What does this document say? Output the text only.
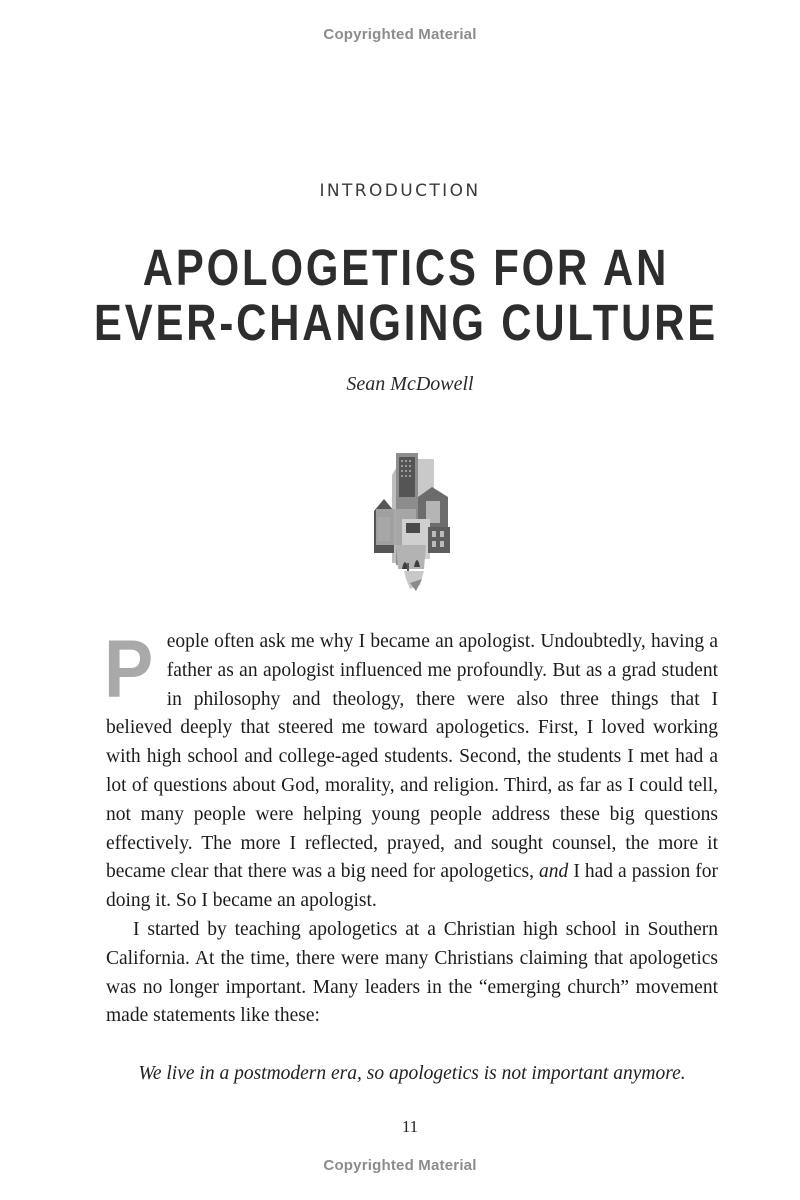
Copyrighted Material
INTRODUCTION
APOLOGETICS FOR AN
EVER-CHANGING CULTURE
Sean McDowell

People often ask me why I became an apologist. Undoubtedly, having a father as an apologist influenced me profoundly. But as a grad student in philosophy and theology, there were also three things that I believed deeply that steered me toward apologetics. First, I loved working with high school and college-aged students. Second, the students I met had a lot of questions about God, morality, and religion. Third, as far as I could tell, not many people were helping young people address these big questions effectively. The more I reflected, prayed, and sought counsel, the more it became clear that there was a big need for apologetics, and I had a passion for doing it. So I became an apologist.

I started by teaching apologetics at a Christian high school in Southern California. At the time, there were many Christians claiming that apologetics was no longer important. Many leaders in the “emerging church” movement made statements like these:

We live in a postmodern era, so apologetics is not important anymore.
11
Copyrighted Material
